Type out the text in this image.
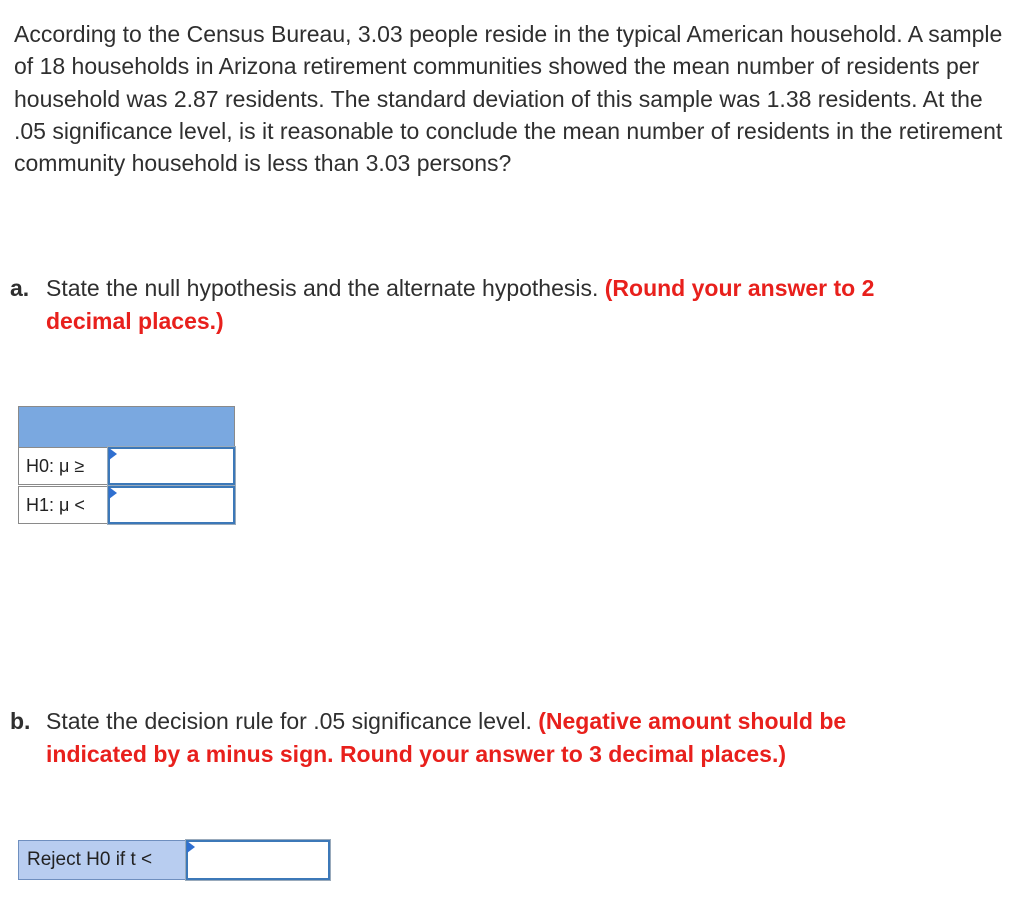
According to the Census Bureau, 3.03 people reside in the typical American household. A sample of 18 households in Arizona retirement communities showed the mean number of residents per household was 2.87 residents. The standard deviation of this sample was 1.38 residents. At the .05 significance level, is it reasonable to conclude the mean number of residents in the retirement community household is less than 3.03 persons?

a. State the null hypothesis and the alternate hypothesis. (Round your answer to 2
decimal places.)
H0: μ ≥
H1: μ <
b. State the decision rule for .05 significance level. (Negative amount should be
indicated by a minus sign. Round your answer to 3 decimal places.)
Reject H0 if t <
